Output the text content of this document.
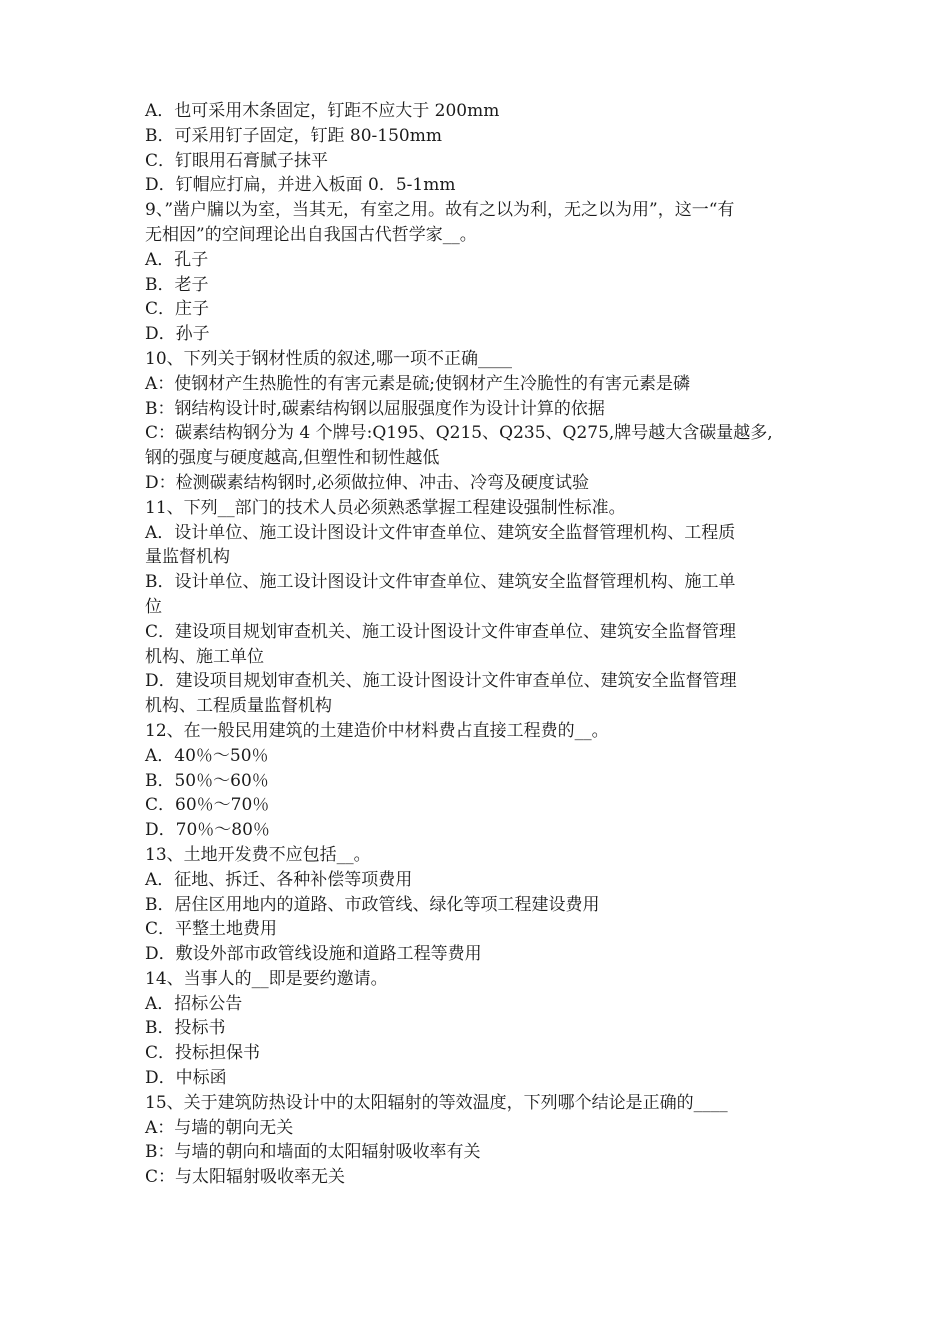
A．也可采用木条固定，钉距不应大于 200mm
B．可采用钉子固定，钉距 80-150mm
C．钉眼用石膏腻子抹平
D．钉帽应打扁，并进入板面 0．5-1mm
9、”凿户牖以为室，当其无，有室之用。故有之以为利，无之以为用”，这一“有
无相因”的空间理论出自我国古代哲学家__。
A．孔子
B．老子
C．庄子
D．孙子
10、下列关于钢材性质的叙述,哪一项不正确____
A：使钢材产生热脆性的有害元素是硫;使钢材产生冷脆性的有害元素是磷
B：钢结构设计时,碳素结构钢以屈服强度作为设计计算的依据
C：碳素结构钢分为 4 个牌号:Q195、Q215、Q235、Q275,牌号越大含碳量越多,
钢的强度与硬度越高,但塑性和韧性越低
D：检测碳素结构钢时,必须做拉伸、冲击、冷弯及硬度试验
11、下列__部门的技术人员必须熟悉掌握工程建设强制性标准。
A．设计单位、施工设计图设计文件审查单位、建筑安全监督管理机构、工程质
量监督机构
B．设计单位、施工设计图设计文件审查单位、建筑安全监督管理机构、施工单
位
C．建设项目规划审查机关、施工设计图设计文件审查单位、建筑安全监督管理
机构、施工单位
D．建设项目规划审查机关、施工设计图设计文件审查单位、建筑安全监督管理
机构、工程质量监督机构
12、在一般民用建筑的土建造价中材料费占直接工程费的__。
A．40％～50％
B．50％～60％
C．60％～70％
D．70％～80％
13、土地开发费不应包括__。
A．征地、拆迁、各种补偿等项费用
B．居住区用地内的道路、市政管线、绿化等项工程建设费用
C．平整土地费用
D．敷设外部市政管线设施和道路工程等费用
14、当事人的__即是要约邀请。
A．招标公告
B．投标书
C．投标担保书
D．中标函
15、关于建筑防热设计中的太阳辐射的等效温度，下列哪个结论是正确的____
A：与墙的朝向无关
B：与墙的朝向和墙面的太阳辐射吸收率有关
C：与太阳辐射吸收率无关
